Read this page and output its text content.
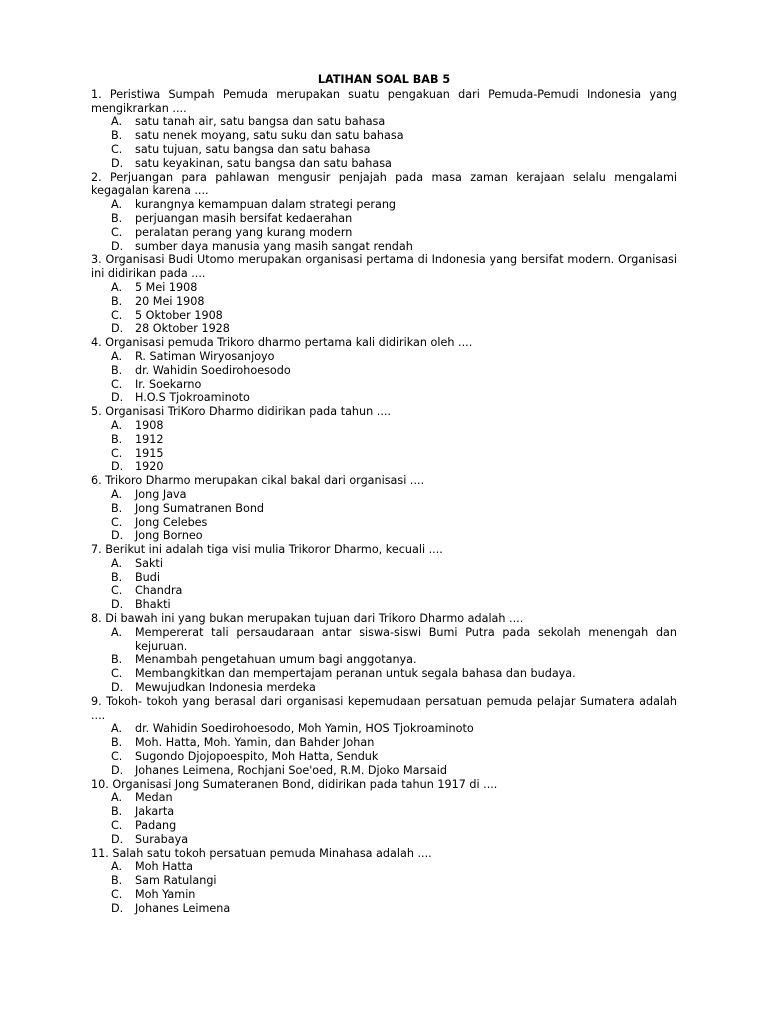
LATIHAN SOAL BAB 5
1. Peristiwa Sumpah Pemuda merupakan suatu pengakuan dari Pemuda-Pemudi Indonesia yang mengikrarkan ....
A.	satu tanah air, satu bangsa dan satu bahasa
B.	satu nenek moyang, satu suku dan satu bahasa
C.	satu tujuan, satu bangsa dan satu bahasa
D.	satu keyakinan, satu bangsa dan satu bahasa
2. Perjuangan para pahlawan mengusir penjajah pada masa zaman kerajaan selalu mengalami kegagalan karena ....
A.	kurangnya kemampuan dalam strategi perang
B.	perjuangan masih bersifat kedaerahan
C.	peralatan perang yang kurang modern
D.	sumber daya manusia yang masih sangat rendah
3. Organisasi Budi Utomo merupakan organisasi pertama di Indonesia yang bersifat modern. Organisasi ini didirikan pada ....
A.	5 Mei 1908
B.	20 Mei 1908
C.	5 Oktober 1908
D.	28 Oktober 1928
4. Organisasi pemuda Trikoro dharmo pertama kali didirikan oleh ....
A.	R. Satiman Wiryosanjoyo
B.	dr. Wahidin Soedirohoesodo
C.	Ir. Soekarno
D.	H.O.S Tjokroaminoto
5. Organisasi TriKoro Dharmo didirikan pada tahun ....
A.	1908
B.	1912
C.	1915
D.	1920
6. Trikoro Dharmo merupakan cikal bakal dari organisasi ....
A.	Jong Java
B.	Jong Sumatranen Bond
C.	Jong Celebes
D.	Jong Borneo
7. Berikut ini adalah tiga visi mulia Trikoror Dharmo, kecuali ....
A.	Sakti
B.	Budi
C.	Chandra
D.	Bhakti
8. Di bawah ini yang bukan merupakan tujuan dari Trikoro Dharmo adalah ....
A.	Mempererat tali persaudaraan antar siswa-siswi Bumi Putra pada sekolah menengah dan kejuruan.
B.	Menambah pengetahuan umum bagi anggotanya.
C.	Membangkitkan dan mempertajam peranan untuk segala bahasa dan budaya.
D.	Mewujudkan Indonesia merdeka
9. Tokoh- tokoh yang berasal dari organisasi kepemudaan persatuan pemuda pelajar Sumatera adalah ....
A.	dr. Wahidin Soedirohoesodo, Moh Yamin, HOS Tjokroaminoto
B.	Moh. Hatta, Moh. Yamin, dan Bahder Johan
C.	Sugondo Djojopoespito, Moh Hatta, Senduk
D.	Johanes Leimena, Rochjani Soe'oed, R.M. Djoko Marsaid
10. Organisasi Jong Sumateranen Bond, didirikan pada tahun 1917 di ....
A.	Medan
B.	Jakarta
C.	Padang
D.	Surabaya
11. Salah satu tokoh persatuan pemuda Minahasa adalah ....
A.	Moh Hatta
B.	Sam Ratulangi
C.	Moh Yamin
D.	Johanes Leimena
